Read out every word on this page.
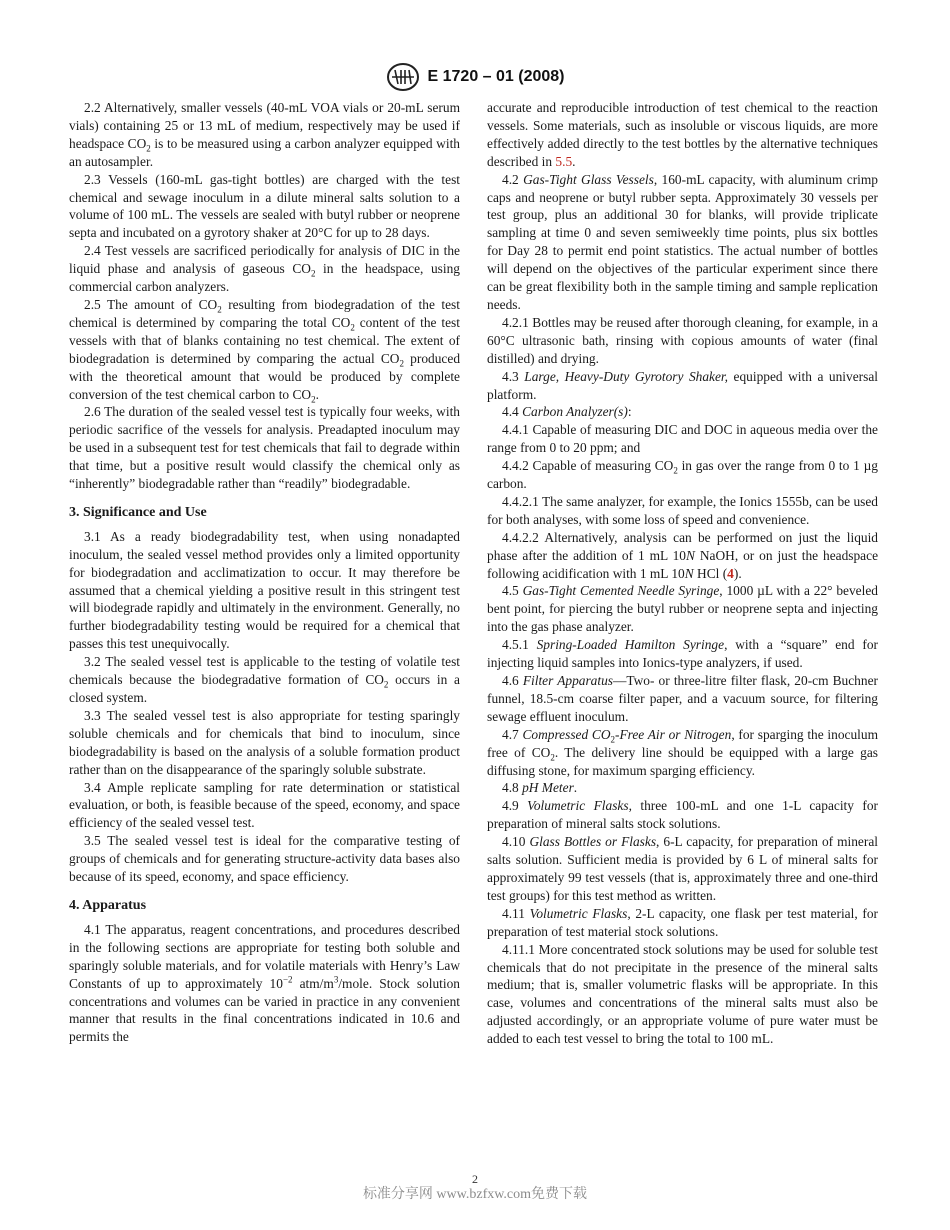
E 1720 – 01 (2008)

2.2 Alternatively, smaller vessels (40-mL VOA vials or 20-mL serum vials) containing 25 or 13 mL of medium, respectively may be used if headspace $CO_2$ is to be measured using a carbon analyzer equipped with an autosampler.

2.3 Vessels (160-mL gas-tight bottles) are charged with the test chemical and sewage inoculum in a dilute mineral salts solution to a volume of 100 mL. The vessels are sealed with butyl rubber or neoprene septa and incubated on a gyrotory shaker at 20°C for up to 28 days.

2.4 Test vessels are sacrificed periodically for analysis of DIC in the liquid phase and analysis of gaseous $CO_2$ in the headspace, using commercial carbon analyzers.

2.5 The amount of $CO_2$ resulting from biodegradation of the test chemical is determined by comparing the total $CO_2$ content of the test vessels with that of blanks containing no test chemical. The extent of biodegradation is determined by comparing the actual $CO_2$ produced with the theoretical amount that would be produced by complete conversion of the test chemical carbon to $CO_2$.

2.6 The duration of the sealed vessel test is typically four weeks, with periodic sacrifice of the vessels for analysis. Preadapted inoculum may be used in a subsequent test for test chemicals that fail to degrade within that time, but a positive result would classify the chemical only as “inherently” biodegradable rather than “readily” biodegradable.

3. Significance and Use

3.1 As a ready biodegradability test, when using nonadapted inoculum, the sealed vessel method provides only a limited opportunity for biodegradation and acclimatization to occur. It may therefore be assumed that a chemical yielding a positive result in this stringent test will biodegrade rapidly and ultimately in the environment. Generally, no further biodegradability testing would be required for a chemical that passes this test unequivocally.

3.2 The sealed vessel test is applicable to the testing of volatile test chemicals because the biodegradative formation of $CO_2$ occurs in a closed system.

3.3 The sealed vessel test is also appropriate for testing sparingly soluble chemicals and for chemicals that bind to inoculum, since biodegradability is based on the analysis of a soluble formation product rather than on the disappearance of the sparingly soluble substrate.

3.4 Ample replicate sampling for rate determination or statistical evaluation, or both, is feasible because of the speed, economy, and space efficiency of the sealed vessel test.

3.5 The sealed vessel test is ideal for the comparative testing of groups of chemicals and for generating structure-activity data bases also because of its speed, economy, and space efficiency.

4. Apparatus

4.1 The apparatus, reagent concentrations, and procedures described in the following sections are appropriate for testing both soluble and sparingly soluble materials, and for volatile materials with Henry’s Law Constants of up to approximately $10^{-2}$ atm/$m^3$/mole. Stock solution concentrations and volumes can be varied in practice in any convenient manner that results in the final concentrations indicated in 10.6 and permits the

accurate and reproducible introduction of test chemical to the reaction vessels. Some materials, such as insoluble or viscous liquids, are more effectively added directly to the test bottles by the alternative techniques described in 5.5.

4.2 Gas-Tight Glass Vessels, 160-mL capacity, with aluminum crimp caps and neoprene or butyl rubber septa. Approximately 30 vessels per test group, plus an additional 30 for blanks, will provide triplicate sampling at time 0 and seven semiweekly time points, plus six bottles for Day 28 to permit end point statistics. The actual number of bottles will depend on the objectives of the particular experiment since there can be great flexibility both in the sample timing and sample replication needs.

4.2.1 Bottles may be reused after thorough cleaning, for example, in a 60°C ultrasonic bath, rinsing with copious amounts of water (final distilled) and drying.

4.3 Large, Heavy-Duty Gyrotory Shaker, equipped with a universal platform.

4.4 Carbon Analyzer(s):

4.4.1 Capable of measuring DIC and DOC in aqueous media over the range from 0 to 20 ppm; and

4.4.2 Capable of measuring $CO_2$ in gas over the range from 0 to 1 µg carbon.

4.4.2.1 The same analyzer, for example, the Ionics 1555b, can be used for both analyses, with some loss of speed and convenience.

4.4.2.2 Alternatively, analysis can be performed on just the liquid phase after the addition of 1 mL 10N NaOH, or on just the headspace following acidification with 1 mL 10N HCl (4).

4.5 Gas-Tight Cemented Needle Syringe, 1000 µL with a 22° beveled bent point, for piercing the butyl rubber or neoprene septa and injecting into the gas phase analyzer.

4.5.1 Spring-Loaded Hamilton Syringe, with a “square” end for injecting liquid samples into Ionics-type analyzers, if used.

4.6 Filter Apparatus—Two- or three-litre filter flask, 20-cm Buchner funnel, 18.5-cm coarse filter paper, and a vacuum source, for filtering sewage effluent inoculum.

4.7 Compressed $CO_2$-Free Air or Nitrogen, for sparging the inoculum free of $CO_2$. The delivery line should be equipped with a large gas diffusing stone, for maximum sparging efficiency.

4.8 pH Meter.

4.9 Volumetric Flasks, three 100-mL and one 1-L capacity for preparation of mineral salts stock solutions.

4.10 Glass Bottles or Flasks, 6-L capacity, for preparation of mineral salts solution. Sufficient media is provided by 6 L of mineral salts for approximately 99 test vessels (that is, approximately three and one-third test groups) for this test method as written.

4.11 Volumetric Flasks, 2-L capacity, one flask per test material, for preparation of test material stock solutions.

4.11.1 More concentrated stock solutions may be used for soluble test chemicals that do not precipitate in the presence of the mineral salts medium; that is, smaller volumetric flasks will be appropriate. In this case, volumes and concentrations of the mineral salts must also be adjusted accordingly, or an appropriate volume of pure water must be added to each test vessel to bring the total to 100 mL.

2
标准分享网 www.bzfxw.com免费下载
